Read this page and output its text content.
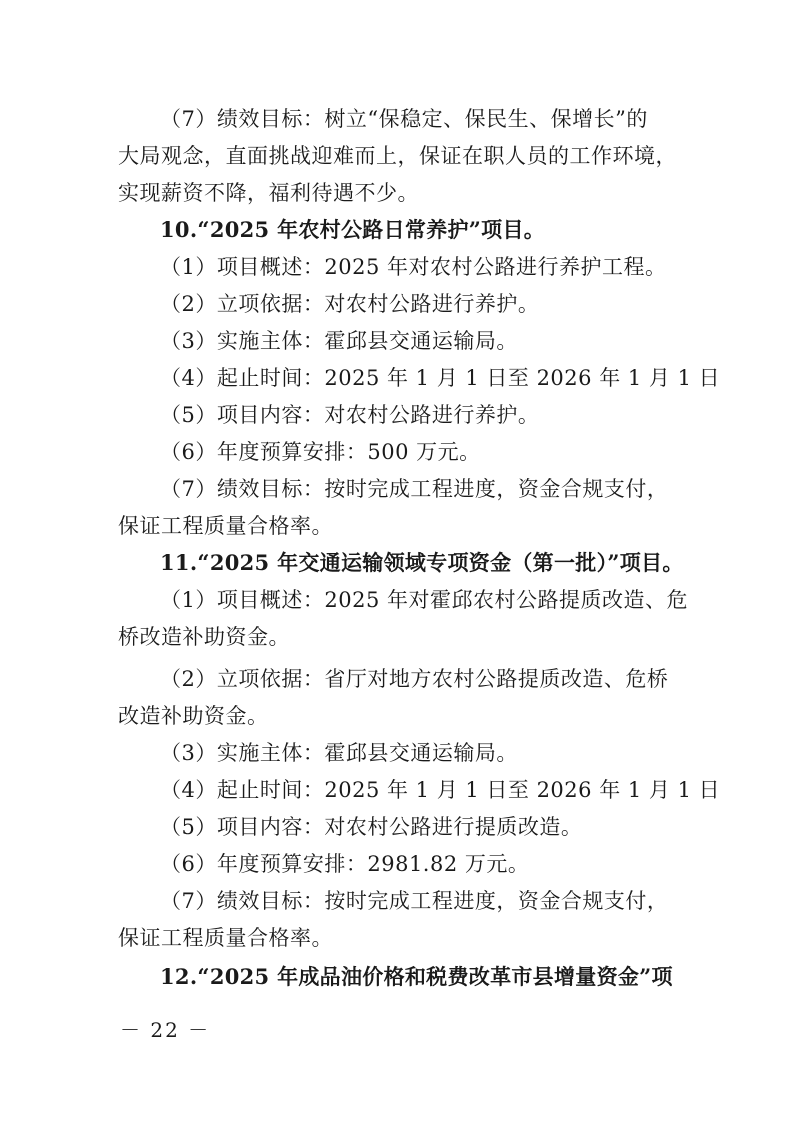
（7）绩效目标：树立“保稳定、保民生、保增长”的
大局观念，直面挑战迎难而上，保证在职人员的工作环境，
实现薪资不降，福利待遇不少。
10.“2025 年农村公路日常养护”项目。
（1）项目概述：2025 年对农村公路进行养护工程。
（2）立项依据：对农村公路进行养护。
（3）实施主体：霍邱县交通运输局。
（4）起止时间：2025 年 1 月 1 日至 2026 年 1 月 1 日
（5）项目内容：对农村公路进行养护。
（6）年度预算安排：500 万元。
（7）绩效目标：按时完成工程进度，资金合规支付，
保证工程质量合格率。
11.“2025 年交通运输领域专项资金（第一批）”项目。
（1）项目概述：2025 年对霍邱农村公路提质改造、危
桥改造补助资金。
（2）立项依据：省厅对地方农村公路提质改造、危桥
改造补助资金。
（3）实施主体：霍邱县交通运输局。
（4）起止时间：2025 年 1 月 1 日至 2026 年 1 月 1 日
（5）项目内容：对农村公路进行提质改造。
（6）年度预算安排：2981.82 万元。
（7）绩效目标：按时完成工程进度，资金合规支付，
保证工程质量合格率。
12.“2025 年成品油价格和税费改革市县增量资金”项
－ 22 －
